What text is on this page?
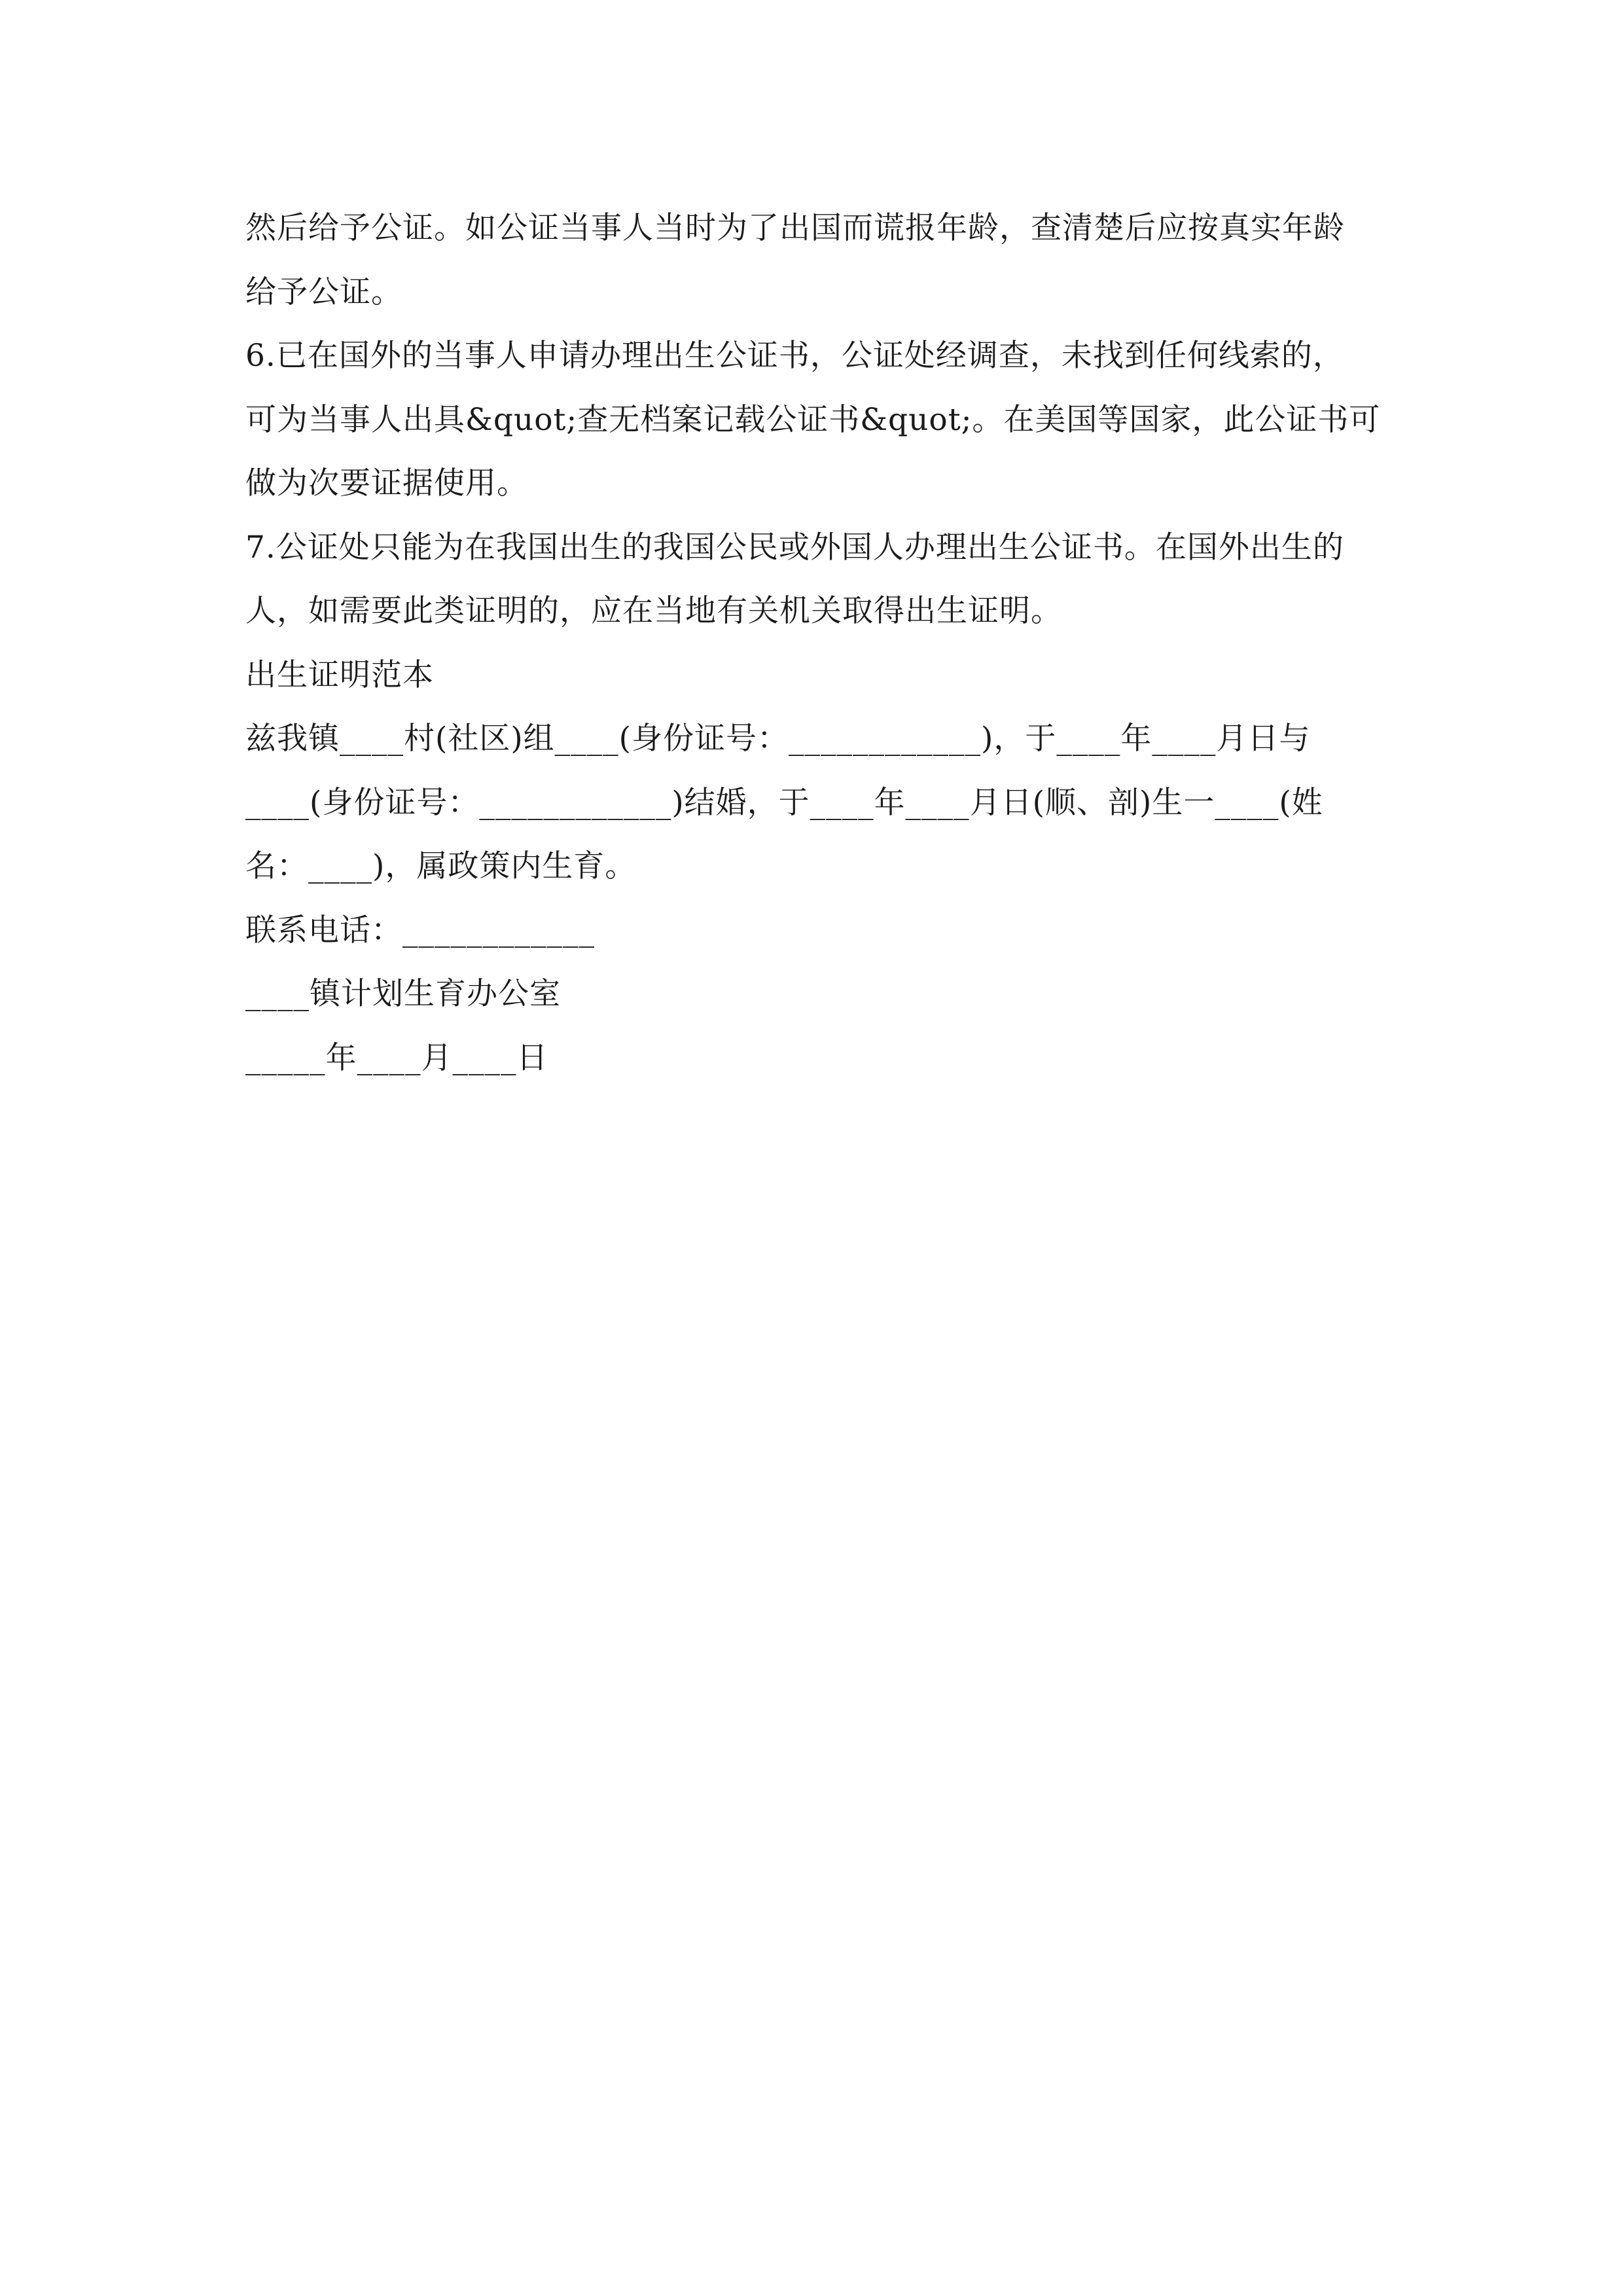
然后给予公证。如公证当事人当时为了出国而谎报年龄，查清楚后应按真实年龄
给予公证。
6.已在国外的当事人申请办理出生公证书，公证处经调查，未找到任何线索的，
可为当事人出具&quot;查无档案记载公证书&quot;。在美国等国家，此公证书可
做为次要证据使用。
7.公证处只能为在我国出生的我国公民或外国人办理出生公证书。在国外出生的
人，如需要此类证明的，应在当地有关机关取得出生证明。
出生证明范本
兹我镇____村(社区)组____(身份证号：____________)，于____年____月日与
____(身份证号：____________)结婚，于____年____月日(顺、剖)生一____(姓
名：____)，属政策内生育。
联系电话：____________
____镇计划生育办公室
_____年____月____日
